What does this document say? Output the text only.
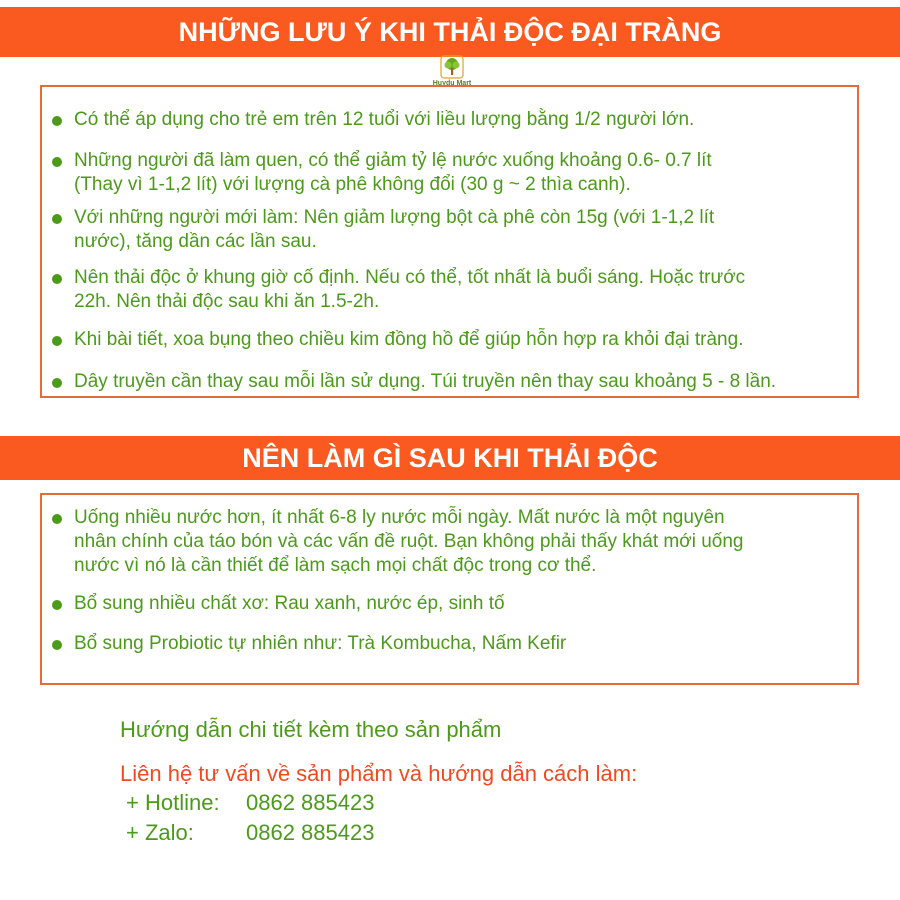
NHỮNG LƯU Ý KHI THẢI ĐỘC ĐẠI TRÀNG
Huydu Mart
Có thể áp dụng cho trẻ em trên 12 tuổi với liều lượng bằng 1/2 người lớn.
Những người đã làm quen, có thể giảm tỷ lệ nước xuống khoảng 0.6- 0.7 lít
(Thay vì 1-1,2 lít) với lượng cà phê không đổi (30 g ~ 2 thìa canh).
Với những người mới làm: Nên giảm lượng bột cà phê còn 15g (với 1-1,2 lít
nước), tăng dần các lần sau.
Nên thải độc ở khung giờ cố định. Nếu có thể, tốt nhất là buổi sáng. Hoặc trước
22h. Nên thải độc sau khi ăn 1.5-2h.
Khi bài tiết, xoa bụng theo chiều kim đồng hồ để giúp hỗn hợp ra khỏi đại tràng.
Dây truyền cần thay sau mỗi lần sử dụng. Túi truyền nên thay sau khoảng 5 - 8 lần.
NÊN LÀM GÌ SAU KHI THẢI ĐỘC
Uống nhiều nước hơn, ít nhất 6-8 ly nước mỗi ngày. Mất nước là một nguyên
nhân chính của táo bón và các vấn đề ruột. Bạn không phải thấy khát mới uống
nước vì nó là cần thiết để làm sạch mọi chất độc trong cơ thể.
Bổ sung nhiều chất xơ: Rau xanh, nước ép, sinh tố
Bổ sung Probiotic tự nhiên như: Trà Kombucha, Nấm Kefir
Hướng dẫn chi tiết kèm theo sản phẩm
Liên hệ tư vấn về sản phẩm và hướng dẫn cách làm:
+ Hotline: 0862 885423
+ Zalo: 0862 885423
